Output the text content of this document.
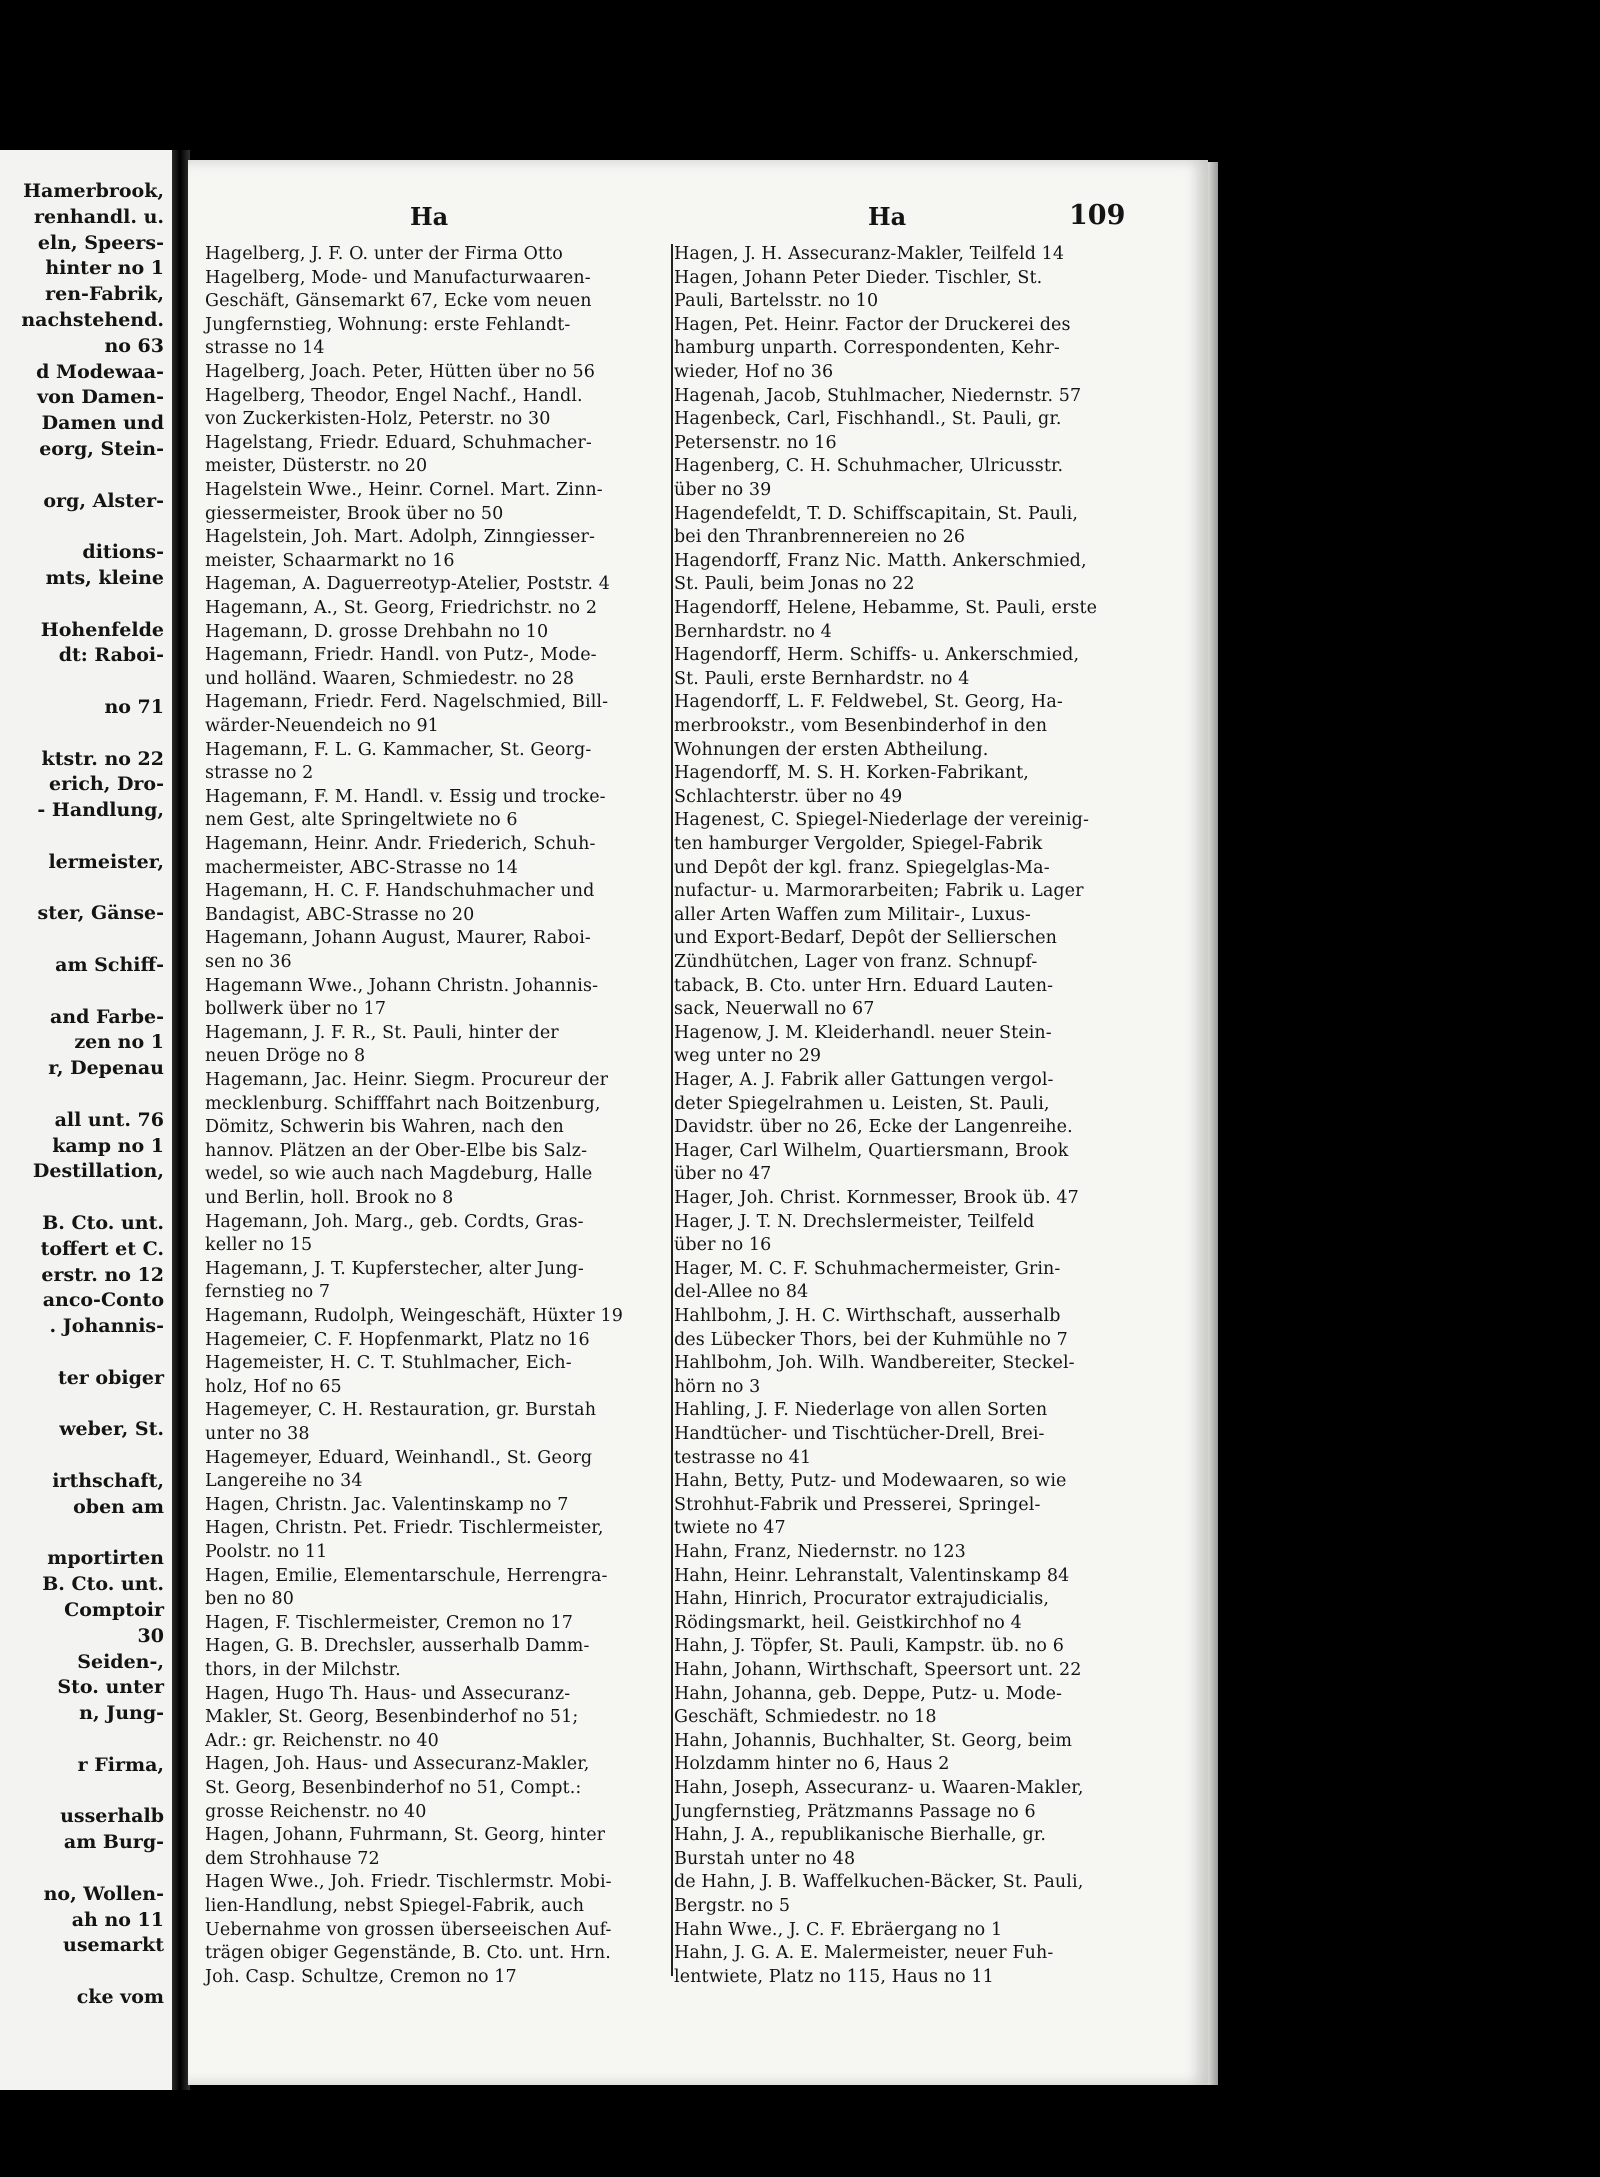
Hamerbrook,
renhandl. u.
eln, Speers-
hinter no 1
ren-Fabrik,
nachstehend.
no 63
d Modewaa-
von Damen-
Damen und
eorg, Stein-
org, Alster-
ditions-
mts, kleine
Hohenfelde
dt: Raboi-
no 71
ktstr. no 22
erich, Dro-
- Handlung,
lermeister,
ster, Gänse-
am Schiff-
and Farbe-
zen no 1
r, Depenau
all unt. 76
kamp no 1
Destillation,
B. Cto. unt.
toffert et C.
erstr. no 12
anco-Conto
. Johannis-
ter obiger
weber, St.
irthschaft,
oben am
mportirten
B. Cto. unt.
Comptoir
30
Seiden-,
Sto. unter
n, Jung-
r Firma,
usserhalb
am Burg-
no, Wollen-
ah no 11
usemarkt
cke vom
Ha	Ha	109
Hagelberg, J. F. O. unter der Firma Otto
Hagelberg, Mode- und Manufacturwaaren-
Geschäft, Gänsemarkt 67, Ecke vom neuen
Jungfernstieg, Wohnung: erste Fehlandt-
strasse no 14
Hagelberg, Joach. Peter, Hütten über no 56
Hagelberg, Theodor, Engel Nachf., Handl.
von Zuckerkisten-Holz, Peterstr. no 30
Hagelstang, Friedr. Eduard, Schuhmacher-
meister, Düsterstr. no 20
Hagelstein Wwe., Heinr. Cornel. Mart. Zinn-
giessermeister, Brook über no 50
Hagelstein, Joh. Mart. Adolph, Zinngiesser-
meister, Schaarmarkt no 16
Hageman, A. Daguerreotyp-Atelier, Poststr. 4
Hagemann, A., St. Georg, Friedrichstr. no 2
Hagemann, D. grosse Drehbahn no 10
Hagemann, Friedr. Handl. von Putz-, Mode-
und holländ. Waaren, Schmiedestr. no 28
Hagemann, Friedr. Ferd. Nagelschmied, Bill-
wärder-Neuendeich no 91
Hagemann, F. L. G. Kammacher, St. Georg-
strasse no 2
Hagemann, F. M. Handl. v. Essig und trocke-
nem Gest, alte Springeltwiete no 6
Hagemann, Heinr. Andr. Friederich, Schuh-
machermeister, ABC-Strasse no 14
Hagemann, H. C. F. Handschuhmacher und
Bandagist, ABC-Strasse no 20
Hagemann, Johann August, Maurer, Raboi-
sen no 36
Hagemann Wwe., Johann Christn. Johannis-
bollwerk über no 17
Hagemann, J. F. R., St. Pauli, hinter der
neuen Dröge no 8
Hagemann, Jac. Heinr. Siegm. Procureur der
mecklenburg. Schifffahrt nach Boitzenburg,
Dömitz, Schwerin bis Wahren, nach den
hannov. Plätzen an der Ober-Elbe bis Salz-
wedel, so wie auch nach Magdeburg, Halle
und Berlin, holl. Brook no 8
Hagemann, Joh. Marg., geb. Cordts, Gras-
keller no 15
Hagemann, J. T. Kupferstecher, alter Jung-
fernstieg no 7
Hagemann, Rudolph, Weingeschäft, Hüxter 19
Hagemeier, C. F. Hopfenmarkt, Platz no 16
Hagemeister, H. C. T. Stuhlmacher, Eich-
holz, Hof no 65
Hagemeyer, C. H. Restauration, gr. Burstah
unter no 38
Hagemeyer, Eduard, Weinhandl., St. Georg
Langereihe no 34
Hagen, Christn. Jac. Valentinskamp no 7
Hagen, Christn. Pet. Friedr. Tischlermeister,
Poolstr. no 11
Hagen, Emilie, Elementarschule, Herrengra-
ben no 80
Hagen, F. Tischlermeister, Cremon no 17
Hagen, G. B. Drechsler, ausserhalb Damm-
thors, in der Milchstr.
Hagen, Hugo Th. Haus- und Assecuranz-
Makler, St. Georg, Besenbinderhof no 51;
Adr.: gr. Reichenstr. no 40
Hagen, Joh. Haus- und Assecuranz-Makler,
St. Georg, Besenbinderhof no 51, Compt.:
grosse Reichenstr. no 40
Hagen, Johann, Fuhrmann, St. Georg, hinter
dem Strohhause 72
Hagen Wwe., Joh. Friedr. Tischlermstr. Mobi-
lien-Handlung, nebst Spiegel-Fabrik, auch
Uebernahme von grossen überseeischen Auf-
trägen obiger Gegenstände, B. Cto. unt. Hrn.
Joh. Casp. Schultze, Cremon no 17
Hagen, J. H. Assecuranz-Makler, Teilfeld 14
Hagen, Johann Peter Dieder. Tischler, St.
Pauli, Bartelsstr. no 10
Hagen, Pet. Heinr. Factor der Druckerei des
hamburg unparth. Correspondenten, Kehr-
wieder, Hof no 36
Hagenah, Jacob, Stuhlmacher, Niedernstr. 57
Hagenbeck, Carl, Fischhandl., St. Pauli, gr.
Petersenstr. no 16
Hagenberg, C. H. Schuhmacher, Ulricusstr.
über no 39
Hagendefeldt, T. D. Schiffscapitain, St. Pauli,
bei den Thranbrennereien no 26
Hagendorff, Franz Nic. Matth. Ankerschmied,
St. Pauli, beim Jonas no 22
Hagendorff, Helene, Hebamme, St. Pauli, erste
Bernhardstr. no 4
Hagendorff, Herm. Schiffs- u. Ankerschmied,
St. Pauli, erste Bernhardstr. no 4
Hagendorff, L. F. Feldwebel, St. Georg, Ha-
merbrookstr., vom Besenbinderhof in den
Wohnungen der ersten Abtheilung.
Hagendorff, M. S. H. Korken-Fabrikant,
Schlachterstr. über no 49
Hagenest, C. Spiegel-Niederlage der vereinig-
ten hamburger Vergolder, Spiegel-Fabrik
und Depôt der kgl. franz. Spiegelglas-Ma-
nufactur- u. Marmorarbeiten; Fabrik u. Lager
aller Arten Waffen zum Militair-, Luxus-
und Export-Bedarf, Depôt der Sellierschen
Zündhütchen, Lager von franz. Schnupf-
taback, B. Cto. unter Hrn. Eduard Lauten-
sack, Neuerwall no 67
Hagenow, J. M. Kleiderhandl. neuer Stein-
weg unter no 29
Hager, A. J. Fabrik aller Gattungen vergol-
deter Spiegelrahmen u. Leisten, St. Pauli,
Davidstr. über no 26, Ecke der Langenreihe.
Hager, Carl Wilhelm, Quartiersmann, Brook
über no 47
Hager, Joh. Christ. Kornmesser, Brook üb. 47
Hager, J. T. N. Drechslermeister, Teilfeld
über no 16
Hager, M. C. F. Schuhmachermeister, Grin-
del-Allee no 84
Hahlbohm, J. H. C. Wirthschaft, ausserhalb
des Lübecker Thors, bei der Kuhmühle no 7
Hahlbohm, Joh. Wilh. Wandbereiter, Steckel-
hörn no 3
Hahling, J. F. Niederlage von allen Sorten
Handtücher- und Tischtücher-Drell, Brei-
testrasse no 41
Hahn, Betty, Putz- und Modewaaren, so wie
Strohhut-Fabrik und Presserei, Springel-
twiete no 47
Hahn, Franz, Niedernstr. no 123
Hahn, Heinr. Lehranstalt, Valentinskamp 84
Hahn, Hinrich, Procurator extrajudicialis,
Rödingsmarkt, heil. Geistkirchhof no 4
Hahn, J. Töpfer, St. Pauli, Kampstr. üb. no 6
Hahn, Johann, Wirthschaft, Speersort unt. 22
Hahn, Johanna, geb. Deppe, Putz- u. Mode-
Geschäft, Schmiedestr. no 18
Hahn, Johannis, Buchhalter, St. Georg, beim
Holzdamm hinter no 6, Haus 2
Hahn, Joseph, Assecuranz- u. Waaren-Makler,
Jungfernstieg, Prätzmanns Passage no 6
Hahn, J. A., republikanische Bierhalle, gr.
Burstah unter no 48
de Hahn, J. B. Waffelkuchen-Bäcker, St. Pauli,
Bergstr. no 5
Hahn Wwe., J. C. F. Ebräergang no 1
Hahn, J. G. A. E. Malermeister, neuer Fuh-
lentwiete, Platz no 115, Haus no 11
